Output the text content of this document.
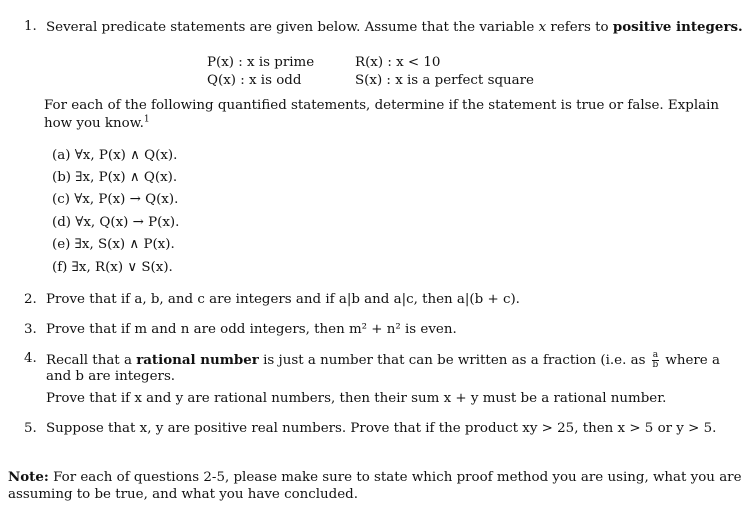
1. Several predicate statements are given below. Assume that the variable x refers to positive integers.
P(x) : x is prime
Q(x) : x is odd
R(x) : x < 10
S(x) : x is a perfect square
For each of the following quantified statements, determine if the statement is true or false. Explain
how you know.$^1$
(a) ∀x, P(x) ∧ Q(x).
(b) ∃x, P(x) ∧ Q(x).
(c) ∀x, P(x) → Q(x).
(d) ∀x, Q(x) → P(x).
(e) ∃x, S(x) ∧ P(x).
(f) ∃x, R(x) ∨ S(x).
2. Prove that if a, b, and c are integers and if a|b and a|c, then a|(b + c).
3. Prove that if m and n are odd integers, then m² + n² is even.
4. Recall that a rational number is just a number that can be written as a fraction (i.e. as $\frac{a}{b}$ where a
and b are integers.
Prove that if x and y are rational numbers, then their sum x + y must be a rational number.
5. Suppose that x, y are positive real numbers. Prove that if the product xy > 25, then x > 5 or y > 5.
Note: For each of questions 2-5, please make sure to state which proof method you are using, what you are
assuming to be true, and what you have concluded.
